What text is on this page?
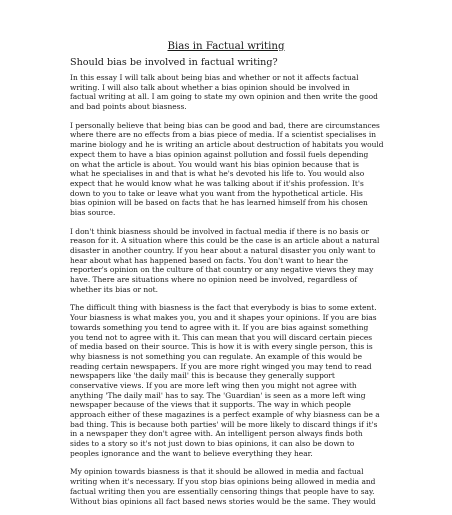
Bias in Factual writing
Should bias be involved in factual writing?
In this essay I will talk about being bias and whether or not it affects factual
writing. I will also talk about whether a bias opinion should be involved in
factual writing at all. I am going to state my own opinion and then write the good
and bad points about biasness.
I personally believe that being bias can be good and bad, there are circumstances
where there are no effects from a bias piece of media. If a scientist specialises in
marine biology and he is writing an article about destruction of habitats you would
expect them to have a bias opinion against pollution and fossil fuels depending
on what the article is about. You would want his bias opinion because that is
what he specialises in and that is what he's devoted his life to. You would also
expect that he would know what he was talking about if it'shis profession. It's
down to you to take or leave what you want from the hypothetical article. His
bias opinion will be based on facts that he has learned himself from his chosen
bias source.
I don't think biasness should be involved in factual media if there is no basis or
reason for it. A situation where this could be the case is an article about a natural
disaster in another country. If you hear about a natural disaster you only want to
hear about what has happened based on facts. You don't want to hear the
reporter's opinion on the culture of that country or any negative views they may
have. There are situations where no opinion need be involved, regardless of
whether its bias or not.
The difficult thing with biasness is the fact that everybody is bias to some extent.
Your biasness is what makes you, you and it shapes your opinions. If you are bias
towards something you tend to agree with it. If you are bias against something
you tend not to agree with it. This can mean that you will discard certain pieces
of media based on their source. This is how it is with every single person, this is
why biasness is not something you can regulate. An example of this would be
reading certain newspapers. If you are more right winged you may tend to read
newspapers like 'the daily mail' this is because they generally support
conservative views. If you are more left wing then you might not agree with
anything 'The daily mail' has to say. The 'Guardian' is seen as a more left wing
newspaper because of the views that it supports. The way in which people
approach either of these magazines is a perfect example of why biasness can be a
bad thing. This is because both parties' will be more likely to discard things if it's
in a newspaper they don't agree with. An intelligent person always finds both
sides to a story so it's not just down to bias opinions, it can also be down to
peoples ignorance and the want to believe everything they hear.
My opinion towards biasness is that it should be allowed in media and factual
writing when it's necessary. If you stop bias opinions being allowed in media and
factual writing then you are essentially censoring things that people have to say.
Without bias opinions all fact based news stories would be the same. They would
